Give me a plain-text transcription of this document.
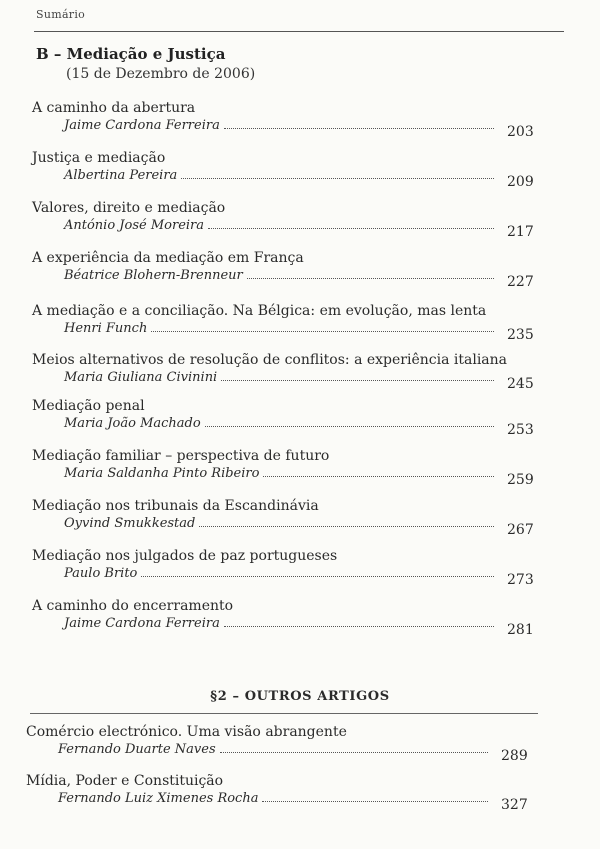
Sumário
B – Mediação e Justiça
(15 de Dezembro de 2006)
A caminho da abertura
Jaime Cardona Ferreira	203
Justiça e mediação
Albertina Pereira	209
Valores, direito e mediação
António José Moreira	217
A experiência da mediação em França
Béatrice Blohern-Brenneur	227
A mediação e a conciliação. Na Bélgica: em evolução, mas lenta
Henri Funch	235
Meios alternativos de resolução de conflitos: a experiência italiana
Maria Giuliana Civinini	245
Mediação penal
Maria João Machado	253
Mediação familiar – perspectiva de futuro
Maria Saldanha Pinto Ribeiro	259
Mediação nos tribunais da Escandinávia
Oyvind Smukkestad	267
Mediação nos julgados de paz portugueses
Paulo Brito	273
A caminho do encerramento
Jaime Cardona Ferreira	281
§2 – OUTROS ARTIGOS
Comércio electrónico. Uma visão abrangente
Fernando Duarte Naves	289
Mídia, Poder e Constituição
Fernando Luiz Ximenes Rocha	327
